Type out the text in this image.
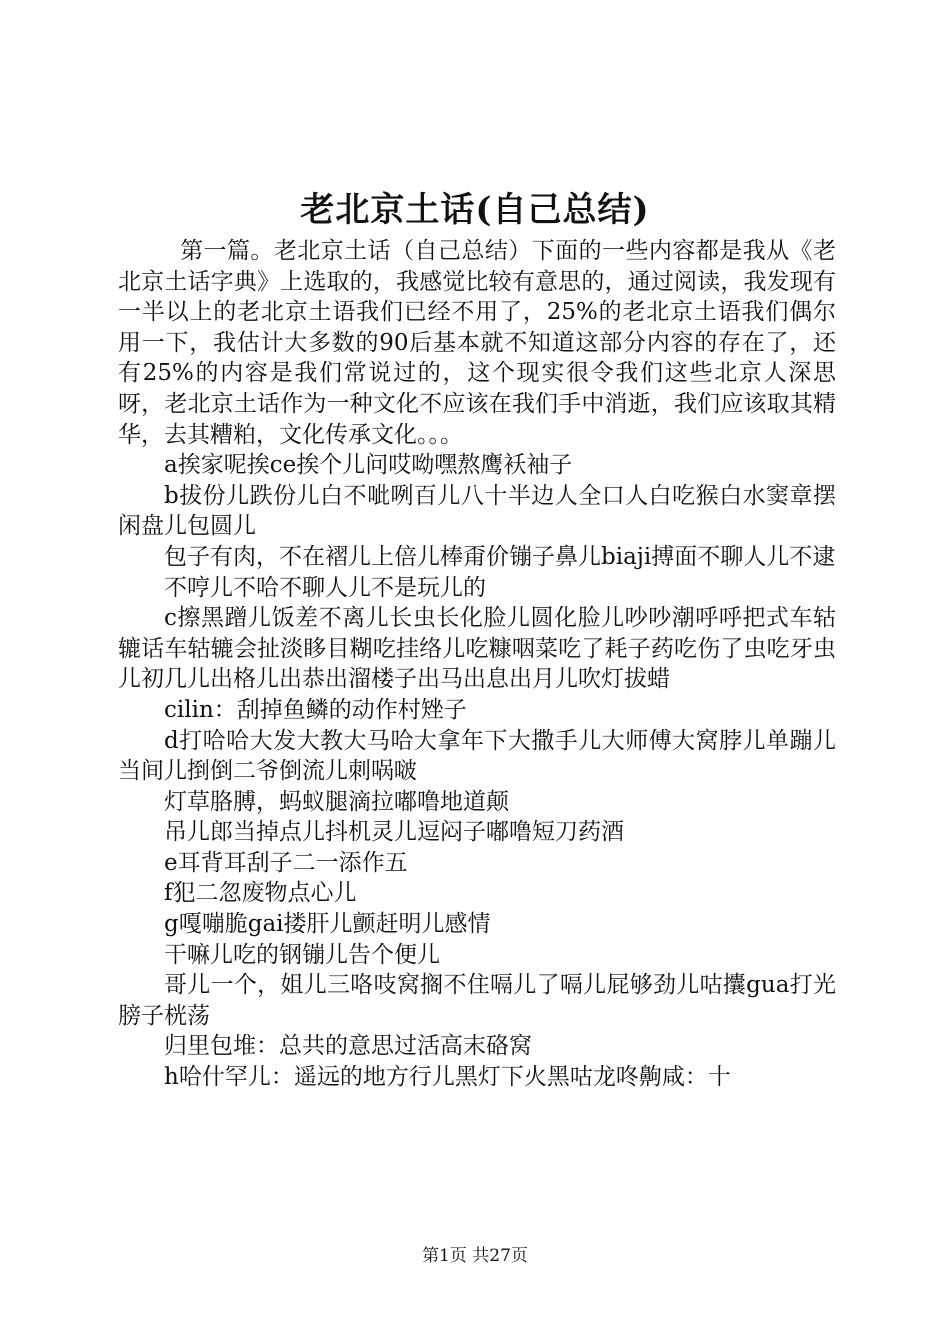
老北京土话(自己总结)

第一篇。老北京土话（自己总结）下面的一些内容都是我从《老北京土话字典》上选取的，我感觉比较有意思的，通过阅读，我发现有一半以上的老北京土语我们已经不用了，25%的老北京土语我们偶尔用一下，我估计大多数的90后基本就不知道这部分内容的存在了，还有25%的内容是我们常说过的，这个现实很令我们这些北京人深思呀，老北京土话作为一种文化不应该在我们手中消逝，我们应该取其精华，去其糟粕，文化传承文化。。。

a挨家呢挨ce挨个儿问哎呦嘿熬鹰袄袖子

b拔份儿跌份儿白不呲咧百儿八十半边人全口人白吃猴白水窦章摆闲盘儿包圆儿

包子有肉，不在褶儿上倍儿棒甭价镚子鼻儿biaji搏面不聊人儿不逮

不哼儿不哈不聊人儿不是玩儿的

c擦黑蹭儿饭差不离儿长虫长化脸儿圆化脸儿吵吵潮呼呼把式车轱辘话车轱辘会扯淡眵目糊吃挂络儿吃糠咽菜吃了耗子药吃伤了虫吃牙虫儿初几儿出格儿出恭出溜楼子出马出息出月儿吹灯拔蜡

cilin：刮掉鱼鳞的动作村矬子

d打哈哈大发大教大马哈大拿年下大撒手儿大师傅大窝脖儿单蹦儿当间儿捯倒二爷倒流儿刺㖞啵

灯草胳膊，蚂蚁腿滴拉嘟噜地道颠

吊儿郎当掉点儿抖机灵儿逗闷子嘟噜短刀药酒

e耳背耳刮子二一添作五

f犯二忽废物点心儿

g嘎嘣脆gai搂肝儿颤赶明儿感情

干嘛儿吃的钢镚儿告个便儿

哥儿一个，姐儿三咯吱窝搁不住嗝儿了嗝儿屁够劲儿咕攮gua打光膀子桄荡

归里包堆：总共的意思过活高末硌窝

h哈什罕儿：遥远的地方行儿黑灯下火黑咕龙咚齁咸：十

第1页 共27页
